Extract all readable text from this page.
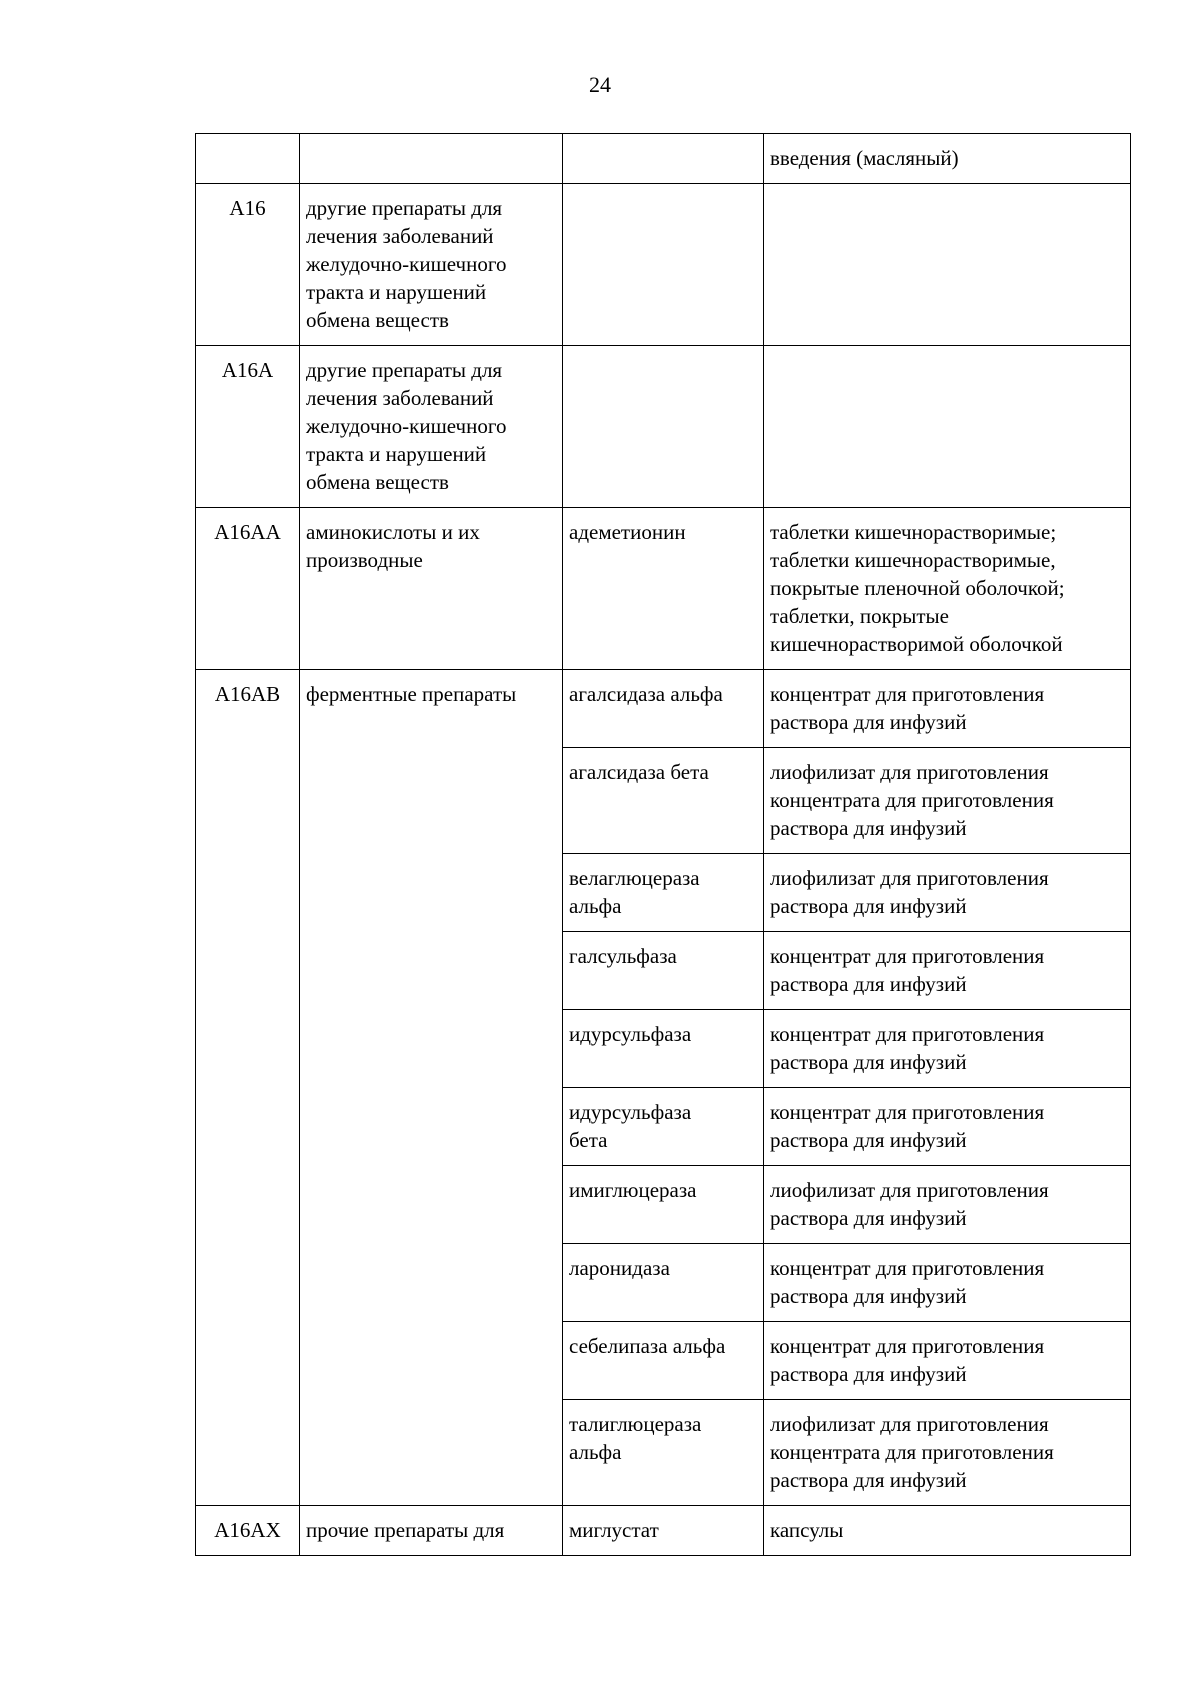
24
			введения (масляный)
A16	другие препараты для
лечения заболеваний
желудочно-кишечного
тракта и нарушений
обмена веществ		
A16A	другие препараты для
лечения заболеваний
желудочно-кишечного
тракта и нарушений
обмена веществ		
A16AA	аминокислоты и их
производные	адеметионин	таблетки кишечнорастворимые;
таблетки кишечнорастворимые,
покрытые пленочной оболочкой;
таблетки, покрытые
кишечнорастворимой оболочкой
A16AB	ферментные препараты	агалсидаза альфа	концентрат для приготовления
раствора для инфузий
		агалсидаза бета	лиофилизат для приготовления
концентрата для приготовления
раствора для инфузий
		велаглюцераза
альфа	лиофилизат для приготовления
раствора для инфузий
		галсульфаза	концентрат для приготовления
раствора для инфузий
		идурсульфаза	концентрат для приготовления
раствора для инфузий
		идурсульфаза
бета	концентрат для приготовления
раствора для инфузий
		имиглюцераза	лиофилизат для приготовления
раствора для инфузий
		ларонидаза	концентрат для приготовления
раствора для инфузий
		себелипаза альфа	концентрат для приготовления
раствора для инфузий
		талиглюцераза
альфа	лиофилизат для приготовления
концентрата для приготовления
раствора для инфузий
A16AX	прочие препараты для	миглустат	капсулы
